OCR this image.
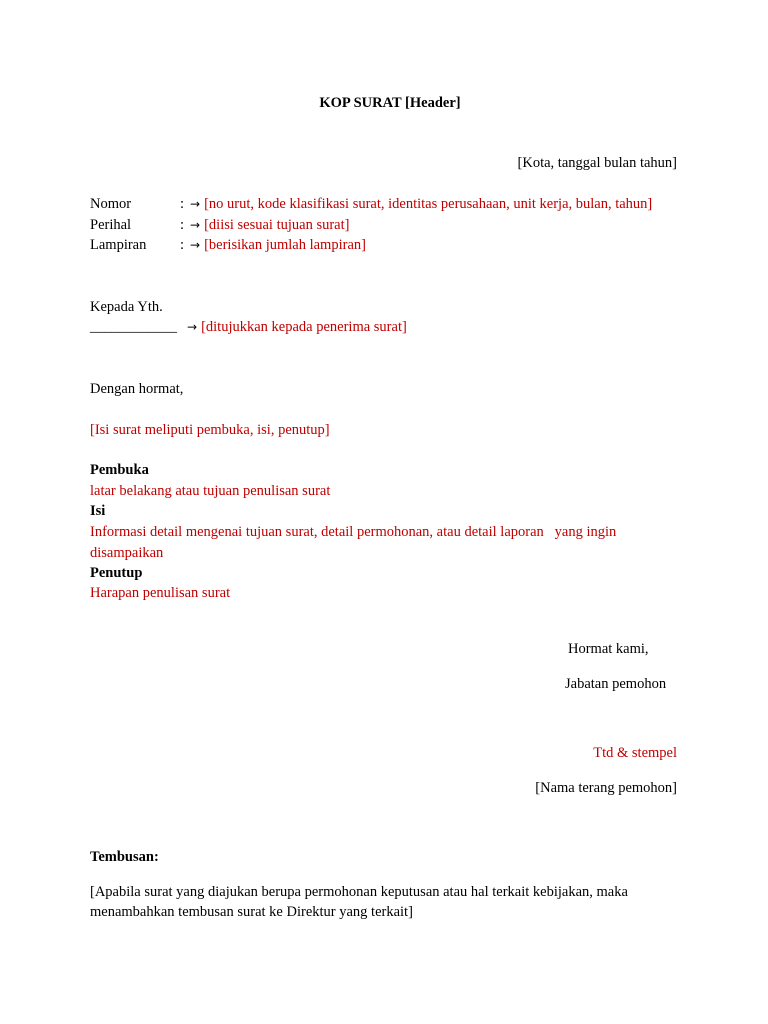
KOP SURAT [Header]
[Kota, tanggal bulan tahun]
Nomor	: → [no urut, kode klasifikasi surat, identitas perusahaan, unit kerja, bulan, tahun]
Perihal	: → [diisi sesuai tujuan surat]
Lampiran : → [berisikan jumlah lampiran]
Kepada Yth.
____________ → [ditujukkan kepada penerima surat]
Dengan hormat,
[Isi surat meliputi pembuka, isi, penutup]
Pembuka
latar belakang atau tujuan penulisan surat
Isi
Informasi detail mengenai tujuan surat, detail permohonan, atau detail laporan   yang ingin
disampaikan
Penutup
Harapan penulisan surat
Hormat kami,
Jabatan pemohon
Ttd & stempel
[Nama terang pemohon]
Tembusan:
[Apabila surat yang diajukan berupa permohonan keputusan atau hal terkait kebijakan, maka
menambahkan tembusan surat ke Direktur yang terkait]
